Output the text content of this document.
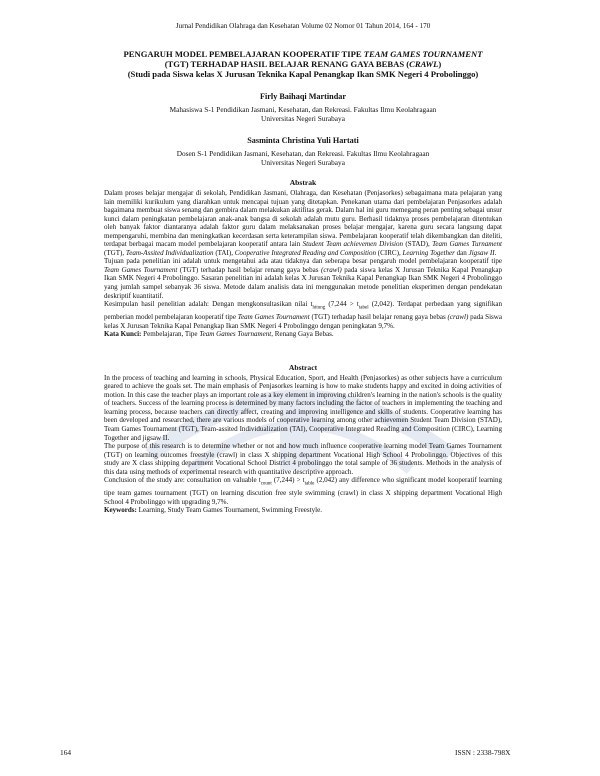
Jurnal Pendidikan Olahraga dan Kesehatan Volume 02 Nomor 01 Tahun 2014, 164 - 170
PENGARUH MODEL PEMBELAJARAN KOOPERATIF TIPE TEAM GAMES TOURNAMENT
(TGT) TERHADAP HASIL BELAJAR RENANG GAYA BEBAS (CRAWL)
(Studi pada Siswa kelas X Jurusan Teknika Kapal Penangkap Ikan SMK Negeri 4 Probolinggo)
Firly Baihaqi Martindar
Mahasiswa S-1 Pendidikan Jasmani, Kesehatan, dan Rekreasi. Fakultas Ilmu Keolahragaan
Universitas Negeri Surabaya
Sasminta Christina Yuli Hartati
Dosen S-1 Pendidikan Jasmani, Kesehatan, dan Rekreasi. Fakultas Ilmu Keolahragaan
Universitas Negeri Surabaya
Abstrak

Dalam proses belajar mengajar di sekolah, Pendidikan Jasmani, Olahraga, dan Kesehatan (Penjasorkes) sebagaimana mata pelajaran yang lain memiliki kurikulum yang diarahkan untuk mencapai tujuan yang ditetapkan. Penekanan utama dari pembelajaran Penjasorkes adalah bagaimana membuat siswa senang dan gembira dalam melakukan aktifitas gerak. Dalam hal ini guru memegang peran penting sebagai unsur kunci dalam peningkatan pembelajaran anak-anak bangsa di sekolah adalah mutu guru. Berhasil tidaknya proses pembelajaran ditentukan oleh banyak faktor diantaranya adalah faktor guru dalam melaksanakan proses belajar mengajar, karena guru secara langsung dapat mempengaruhi, membina dan meningkatkan kecerdasan serta keterampilan siswa. Pembelajaran kooperatif telah dikembangkan dan diteliti, terdapat berbagai macam model pembelajaran kooperatif antara lain Student Team achievemen Division (STAD), Team Games Turnament (TGT), Team-Assited Individualization (TAI), Cooperative Integrated Reading and Composition (CIRC), Learning Together dan Jigsaw II.

Tujuan pada penelitian ini adalah untuk mengetahui ada atau tidaknya dan seberapa besar pengaruh model pembelajaran kooperatif tipe Team Games Tournament (TGT) terhadap hasil belajar renang gaya bebas (crawl) pada siswa kelas X Jurusan Teknika Kapal Penangkap Ikan SMK Negeri 4 Probolinggo. Sasaran penelitian ini adalah kelas X Jurusan Teknika Kapal Penangkap Ikan SMK Negeri 4 Probolinggo yang jumlah sampel sebanyak 36 siswa. Metode dalam analisis data ini menggunakan metode penelitian eksperimen dengan pendekatan deskriptif kuantitatif.

Kesimpulan hasil penelitian adalah: Dengan mengkonsultasikan nilai $t_{hitung}$ ($7,244 > t_{tabel}$ (2,042). Terdapat perbedaan yang signifikan pemberian model pembelajaran kooperatif tipe Team Games Tournament (TGT) terhadap hasil belajar renang gaya bebas (crawl) pada Siswa kelas X Jurusan Teknika Kapal Penangkap Ikan SMK Negeri 4 Probolinggo dengan peningkatan 9,7%.

Kata Kunci: Pembelajaran, Tipe Team Games Tournament, Renang Gaya Bebas.

Abstract

In the process of teaching and learning in schools, Physical Education, Sport, and Health (Penjasorkes) as other subjects have a curriculum geared to achieve the goals set. The main emphasis of Penjasorkes learning is how to make students happy and excited in doing activities of motion. In this case the teacher plays an important role as a key element in improving children's learning in the nation's schools is the quality of teachers. Success of the learning process is determined by many factors including the factor of teachers in implementing the teaching and learning process, because teachers can directly affect, creating and improving intelligence and skills of students. Cooperative learning has been developed and researched, there are various models of cooperative learning among other achievemen Student Team Division (STAD), Team Games Tournament (TGT), Team-assited Individualization (TAI), Cooperative Integrated Reading and Composition (CIRC), Learning Together and jigsaw II.

The purpose of this research is to determine whether or not and how much influence cooperative learning model Team Games Tournament (TGT) on learning outcomes freestyle (crawl) in class X shipping department Vocational High School 4 Probolinggo. Objectives of this study are X class shipping department Vocational School District 4 probolinggo the total sample of 36 students. Methods in the analysis of this data using methods of experimental research with quantitative descriptive approach.

Conclusion of the study are: consultation on valuable $t_{count}$ $(7,244) > t_{table}$ (2,042) any difference who significant model kooperatif learning tipe team games tournament (TGT) on learning discution free style swimming (crawl) in class X shipping department Vocational High School 4 Probolinggo with upgrading 9,7%.

Keywords: Learning, Study Team Games Tournament, Swimming Freestyle.

164	ISSN : 2338-798X
